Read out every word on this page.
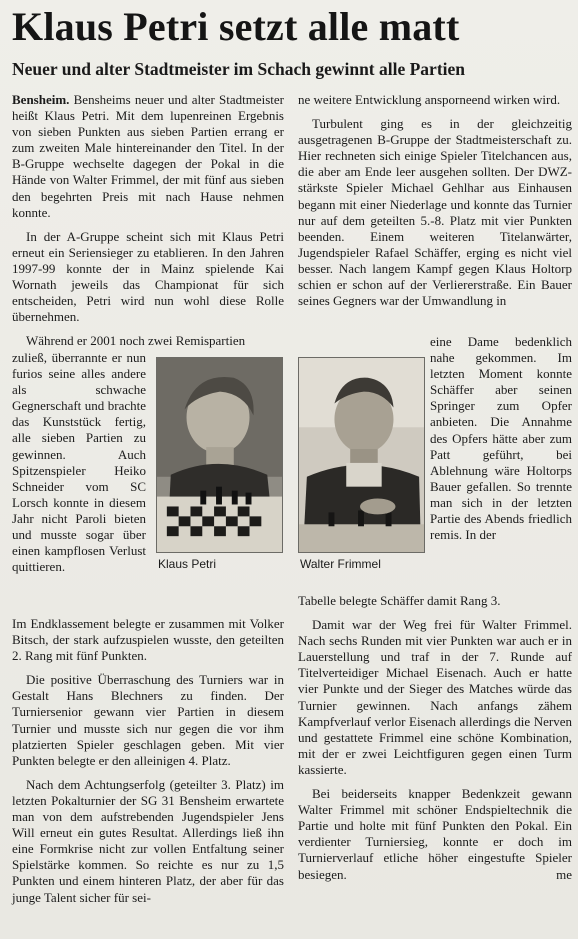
Klaus Petri setzt alle matt
Neuer und alter Stadtmeister im Schach gewinnt alle Partien

Bensheim. Bensheims neuer und alter Stadtmeister heißt Klaus Petri. Mit dem lupenreinen Ergebnis von sieben Punkten aus sieben Partien errang er zum zweiten Male hintereinander den Titel. In der B-Gruppe wechselte dagegen der Pokal in die Hände von Walter Frimmel, der mit fünf aus sieben den begehrten Preis mit nach Hause nehmen konnte.

In der A-Gruppe scheint sich mit Klaus Petri erneut ein Seriensieger zu etablieren. In den Jahren 1997-99 konnte der in Mainz spielende Kai Wornath jeweils das Championat für sich entscheiden, Petri wird nun wohl diese Rolle übernehmen.

Während er 2001 noch zwei Remispartien

zuließ, überrannte er nun furios seine alles andere als schwache Gegnerschaft und brachte das Kunststück fertig, alle sieben Partien zu gewinnen. Auch Spitzenspieler Heiko Schneider vom SC Lorsch konnte in diesem Jahr nicht Paroli bieten und musste sogar über einen kampflosen Verlust quittieren.	Klaus Petri	Walter Frimmel

Im Endklassement belegte er zusammen mit Volker Bitsch, der stark aufzuspielen wusste, den geteilten 2. Rang mit fünf Punkten.

Die positive Überraschung des Turniers war in Gestalt Hans Blechners zu finden. Der Turniersenior gewann vier Partien in diesem Turnier und musste sich nur gegen die vor ihm platzierten Spieler geschlagen geben. Mit vier Punkten belegte er den alleinigen 4. Platz.

Nach dem Achtungserfolg (geteilter 3. Platz) im letzten Pokalturnier der SG 31 Bensheim erwartete man von dem aufstrebenden Jugendspieler Jens Will erneut ein gutes Resultat. Allerdings ließ ihn eine Formkrise nicht zur vollen Entfaltung seiner Spielstärke kommen. So reichte es nur zu 1,5 Punkten und einem hinteren Platz, der aber für das junge Talent sicher für sei-

ne weitere Entwicklung ansporneend wirken wird.

Turbulent ging es in der gleichzeitig ausgetragenen B-Gruppe der Stadtmeisterschaft zu. Hier rechneten sich einige Spieler Titelchancen aus, die aber am Ende leer ausgehen sollten. Der DWZ-stärkste Spieler Michael Gehlhar aus Einhausen begann mit einer Niederlage und konnte das Turnier nur auf dem geteilten 5.-8. Platz mit vier Punkten beenden. Einem weiteren Titelanwärter, Jugendspieler Rafael Schäffer, erging es nicht viel besser. Nach langem Kampf gegen Klaus Holtorp schien er schon auf der Verliererstraße. Ein Bauer seines Gegners war der Umwandlung in

eine Dame bedenklich nahe gekommen. Im letzten Moment konnte Schäffer aber seinen Springer zum Opfer anbieten. Die Annahme des Opfers hätte aber zum Patt geführt, bei Ablehnung wäre Holtorps Bauer gefallen. So trennte man sich in der letzten Partie des Abends friedlich remis. In der

Tabelle belegte Schäffer damit Rang 3.

Damit war der Weg frei für Walter Frimmel. Nach sechs Runden mit vier Punkten war auch er in Lauerstellung und traf in der 7. Runde auf Titelverteidiger Michael Eisenach. Auch er hatte vier Punkte und der Sieger des Matches würde das Turnier gewinnen. Nach anfangs zähem Kampfverlauf verlor Eisenach allerdings die Nerven und gestattete Frimmel eine schöne Kombination, mit der er zwei Leichtfiguren gegen einen Turm kassierte.

Bei beiderseits knapper Bedenkzeit gewann Walter Frimmel mit schöner Endspieltechnik die Partie und holte mit fünf Punkten den Pokal. Ein verdienter Turniersieg, konnte er doch im Turnierverlauf etliche höher eingestufte Spieler besiegen.	me
